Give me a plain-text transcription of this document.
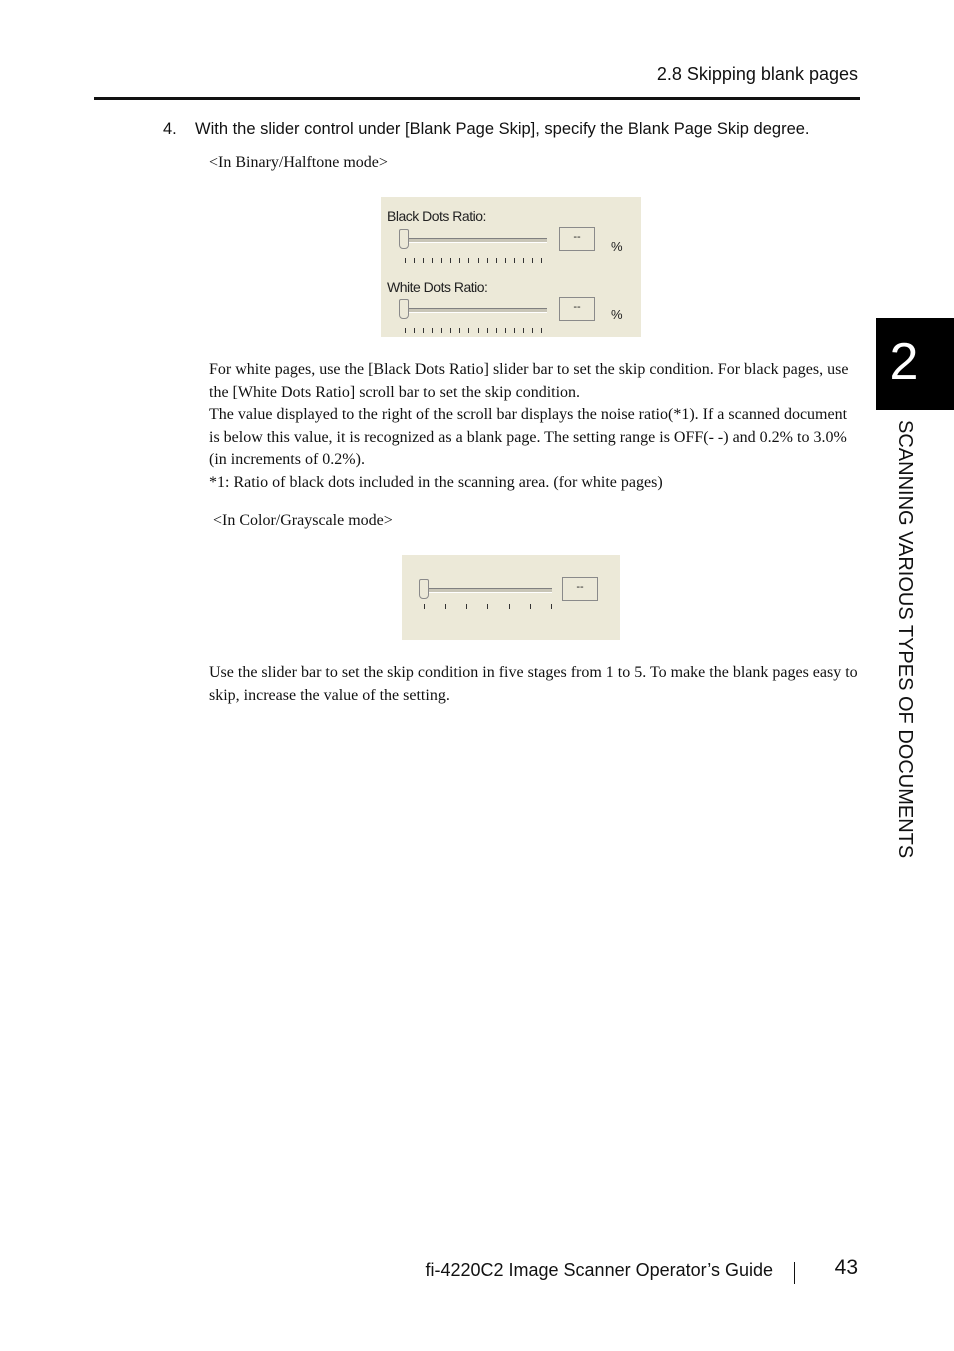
2.8 Skipping blank pages
4. With the slider control under [Blank Page Skip], specify the Blank Page Skip degree.
<In Binary/Halftone mode>
Black Dots Ratio:
--
%
White Dots Ratio:
--	%

For white pages, use the [Black Dots Ratio] slider bar to set the skip condition. For black pages, use the [White Dots Ratio] scroll bar to set the skip condition.

The value displayed to the right of the scroll bar displays the noise ratio(*1). If a scanned document is below this value, it is recognized as a blank page. The setting range is OFF(- -) and 0.2% to 3.0% (in increments of 0.2%).

*1: Ratio of black dots included in the scanning area. (for white pages)

<In Color/Grayscale mode>
--

Use the slider bar to set the skip condition in five stages from 1 to 5. To make the blank pages easy to skip, increase the value of the setting.

2
SCANNING VARIOUS TYPES OF DOCUMENTS
fi-4220C2 Image Scanner Operator’s Guide	43
